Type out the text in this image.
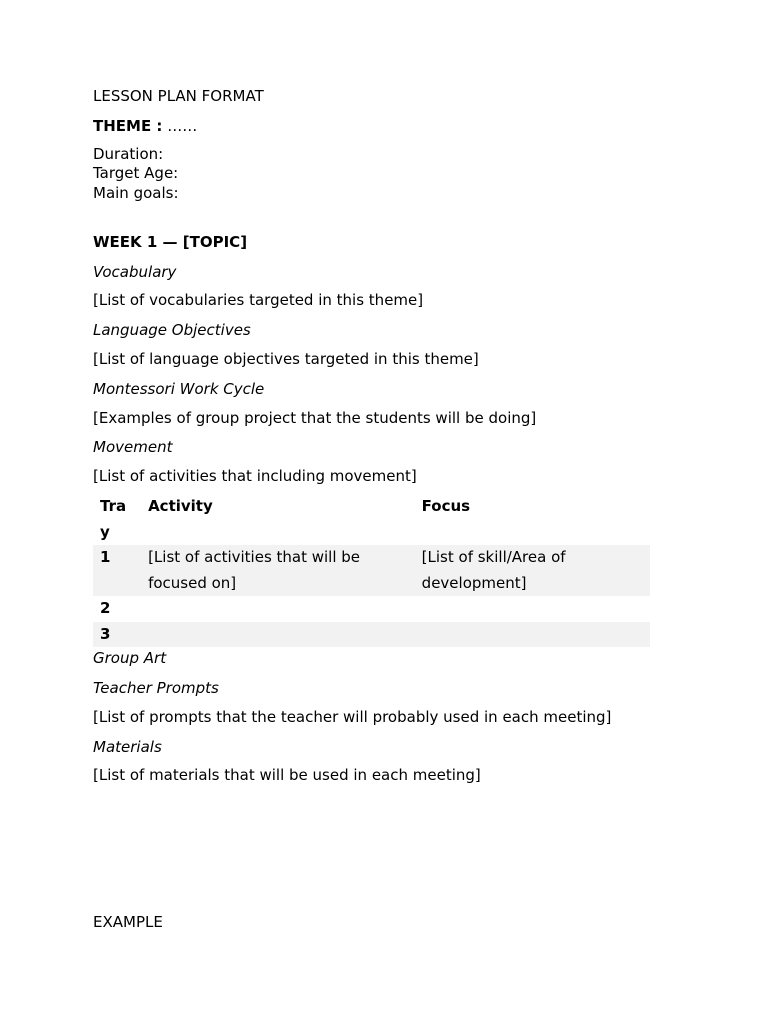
LESSON PLAN FORMAT
THEME : ……
Duration:
Target Age:
Main goals:
WEEK 1 — [TOPIC]
Vocabulary
[List of vocabularies targeted in this theme]
Language Objectives
[List of language objectives targeted in this theme]
Montessori Work Cycle
[Examples of group project that the students will be doing]
Movement
[List of activities that including movement]
Tra y	Activity	Focus
1	[List of activities that will be focused on]	[List of skill/Area of development]
2		
3		
Group Art
Teacher Prompts
[List of prompts that the teacher will probably used in each meeting]
Materials
[List of materials that will be used in each meeting]
EXAMPLE
